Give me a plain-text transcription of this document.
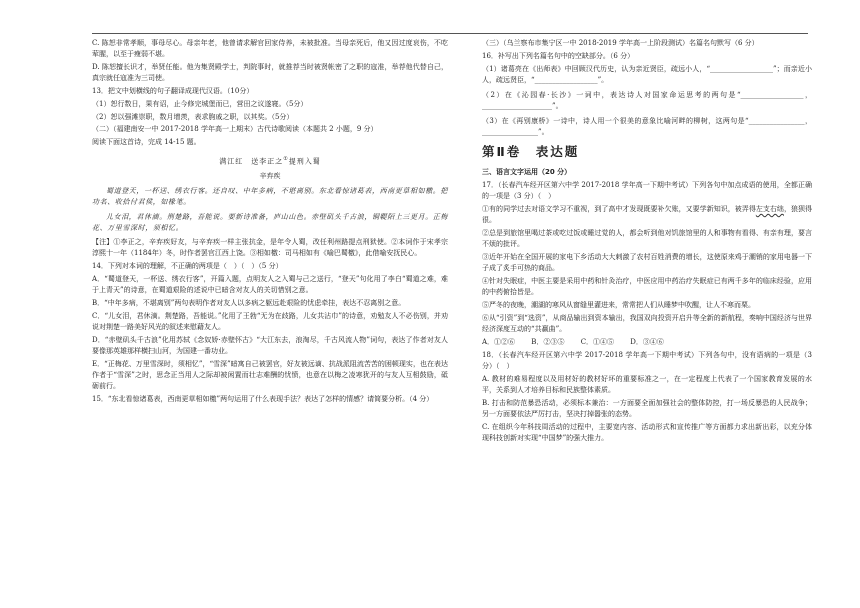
C. 陈恕非常孝顺，事母尽心。母亲年老，他曾请求解官回家侍养，未被批准。当母亲死后，他又因过度哀伤，不吃荤腥，以至于瘦弱不堪。

D. 陈恕擅长识才，举贤任能。他为集贤殿学士，判院事时，就推荐当时被贤帐密了之职的寇准，举荐他代替自己，真宗就任寇准为三司使。

13．把文中划横线的句子翻译成现代汉语。（10分）

（1）恕行数日，果有诏，止今修完城堡而已，营田之议遂寝。（5分）

（2）恕以强滩崇职，数月增羡，表求朐戚之职，以其奖。（5分）

（二）（福建南安一中 2017-2018 学年高一上期末）古代诗歌阅读（本题共 2 小题，9 分）

阅读下面这首诗，完成 14-15 题。

满江红　送李正之①提刑入蜀

辛弃疾

蜀道登天，一杯送、绣衣行客。还自叹、中年多病，不堪离别。东北看惊诸葛表，西南更草相如檄。把功名、收拾付君侯，如椽笔。

儿女泪，君休滴。荆楚路，吾能说。要新诗准备，庐山山色。赤壁矶头千古浪，铜鞮陌上三更月。正梅花、万里雪深时，须相忆。

【注】①李正之，辛弃疾好友，与辛弃疾一样主张抗金，是年令人蜀，改任利州路提点刑狱使。②本词作于宋孝宗淳熙十一年（1184年）冬，时作者罢官江西上饶。③相如檄：司马相如有《喻巴蜀檄》，此借喻安抚民心。

14．下列对本词的理解，不正确的两项是（　）（　）（5 分）

A．“蜀道登天，一杯送、绣衣行客”，开篇入题，点明友人之入蜀与己之送行，“登天”句化用了李白“蜀道之难，难于上青天”的诗意，在蜀道艰险的述说中已暗含对友人的关切惜别之意。

B．“中年多病，不堪离别”两句表明作者对友人以多病之躯远赴艰险的忧虑牵挂，表达不忍离别之意。

C．“儿女泪，君休滴。荆楚路，吾能说。”化用了王勃“无为在歧路，儿女共沾巾”的诗意，劝勉友人不必伤别，并劝说对荆楚一路美好风光的叙述来慰藉友人。

D．“赤壁矶头千古浪”化用苏轼《念奴娇·赤壁怀古》“大江东去，浪淘尽，千古风流人物”词句，表达了作者对友人要像那英雄那样横扫山河，为国建一番功业。

E．“正梅花、万里雪深时，须相忆”，“雪深”暗寓自己被罢官，好友被远谪、抗战派阻流苦苦的困顿现实，也在表达作者于“雪深”之时，思念正当用人之际却被闲置而壮志难酬的忧愤，也意在以梅之凌寒犹开的与友人互相鼓励，砥砺前行。

15．“东北看惊诸葛表，西南更草相如檄”两句运用了什么表现手法？表达了怎样的情感？请简要分析。（4 分）

（三）（乌兰察布市集宁区一中 2018-2019 学年高一上阶段测试）名篇名句默写（6 分）

16．补写出下列名篇名句中的空缺部分。（6 分）

（1）诸葛亮在《出师表》中回顾汉代历史，认为亲近贤臣，疏远小人，“__________________”；而亲近小人，疏远贤臣，“__________________”。

（2）在《沁园春·长沙》一词中，表达诗人对国家命运思考的两句是“__________________，____________________”。

（3）在《再别康桥》一诗中，诗人用一个很美的意象比喻河畔的柳树，这两句是“________________，________________”。

第Ⅱ卷　表达题

三、语言文字运用（20 分）

17．（长春汽车经开区第六中学 2017-2018 学年高一下期中考试）下列各句中加点成语的使用，全都正确的一项是（3 分）（　）

①有的同学过去对语文学习不重视，到了高中才发现既要补欠账，又要学新知识，被弄得左支右绌，狼狈得很。

②总是到旅馆里喝过茶或吃过饭或睡过觉的人，都会听到他对饥旅馆里的人和事物有看得、有亲有理，要言不烦的批评。

③近年开始在全国开展的家电下乡活动大大刺激了农村百姓消费的增长，这使原来鸡于潮销的家用电器一下子成了炙手可热的商品。

④针对失眠症，中医主要是采用中药和针灸治疗，中医应用中药治疗失眠症已有两千多年的临床经验，应用的中药俯拾皆是。

⑤严冬的夜晚，潮湖的寒风从窗缝里灌进来，常常把人们从睡梦中吹醒，让人不寒而栗。

⑥从“引资”到“选资”，从商品输出到资本输出，我国双向投资开启升等全新的新航程，奏响中国经济与世界经济深度互动的“共赢曲”。

A．①②⑥ B．②③⑤ C．①④⑤ D．③④⑥

18．（长春汽车经开区第六中学 2017-2018 学年高一下期中考试）下列各句中，没有语病的一项是（3 分）（　）

A. 教材的难易程度以及用材好的教材好坏的重要标准之一，在一定程度上代表了一个国家教育发展的水平，关系到人才培养目标和民族整体素质。

B. 打击和防范暴恐活动，必须标本兼治：一方面要全面加强社会的整体防控，打一场反暴恐的人民战争；另一方面要依法严厉打击，坚决打掉嚣张的态势。

C. 在组织今年科技周活动的过程中，主要宽内容、活动形式和宣传推广等方面都力求出新出彩，以充分体现科技创新对实现“中国梦”的强大推力。
